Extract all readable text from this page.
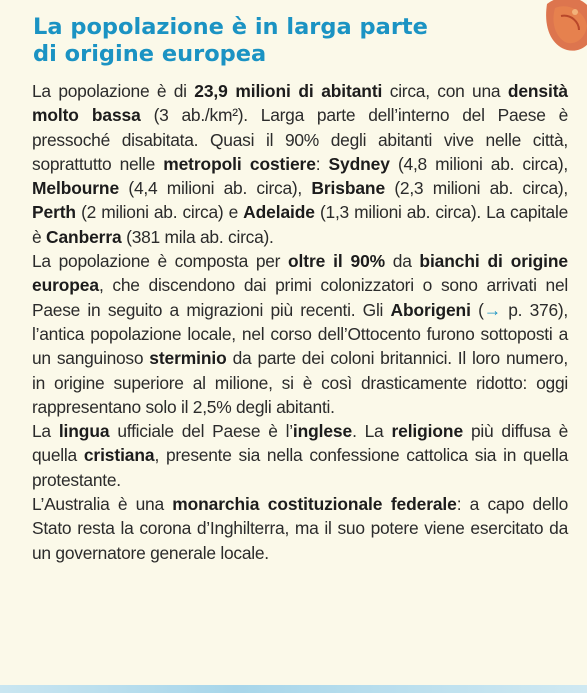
La popolazione è in larga parte
di origine europea

La popolazione è di 23,9 milioni di abitanti circa, con una densità molto bassa (3 ab./km²). Larga parte dell’interno del Paese è pressoché disabitata. Quasi il 90% degli abitanti vive nelle città, soprattutto nelle metropoli costiere: Sydney (4,8 milioni ab. circa), Melbourne (4,4 milioni ab. circa), Brisbane (2,3 milioni ab. circa), Perth (2 milioni ab. circa) e Adelaide (1,3 milioni ab. circa). La capitale è Canberra (381 mila ab. circa).

La popolazione è composta per oltre il 90% da bianchi di origine europea, che discendono dai primi colonizzatori o sono arrivati nel Paese in seguito a migrazioni più recenti. Gli Aborigeni (→ p. 376), l’antica popolazione locale, nel corso dell’Ottocento furono sottoposti a un sanguinoso sterminio da parte dei coloni britannici. Il loro numero, in origine superiore al milione, si è così drasticamente ridotto: oggi rappresentano solo il 2,5% degli abitanti.

La lingua ufficiale del Paese è l’inglese. La religione più diffusa è quella cristiana, presente sia nella confessione cattolica sia in quella protestante.

L’Australia è una monarchia costituzionale federale: a capo dello Stato resta la corona d’Inghilterra, ma il suo potere viene esercitato da un governatore generale locale.
